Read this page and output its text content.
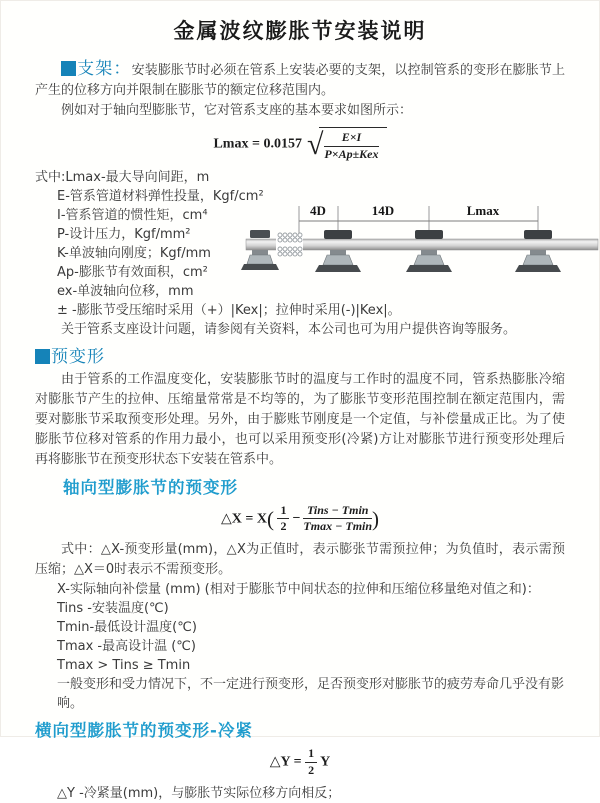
金属波纹膨胀节安装说明

支架：安装膨胀节时必须在管系上安装必要的支架，以控制管系的变形在膨胀节上产生的位移方向并限制在膨胀节的额定位移范围内。

例如对于轴向型膨胀节，它对管系支座的基本要求如图所示：

Lmax = 0.0157 √ $\frac{E\times I}{\text{P×Ap±Kex}}$
式中:Lmax-最大导向间距，m
E-管系管道材料弹性投量，Kgf/cm²
I-管系管道的惯性矩，cm⁴
P-设计压力，Kgf/mm²
K-单波轴向刚度；Kgf/mm
Ap-膨胀节有效面积，cm²
ex-单波轴向位移，mm
± -膨胀节受压缩时采用（+）|Kex|；拉伸时采用(-)|Kex|。
4D	14D	Lmax

关于管系支座设计问题，请参阅有关资料，本公司也可为用户提供咨询等服务。

预变形

由于管系的工作温度变化，安装膨胀节时的温度与工作时的温度不同，管系热膨胀冷缩对膨胀节产生的拉伸、压缩量常常是不均等的，为了膨胀节变形范围控制在额定范围内，需要对膨胀节采取预变形处理。另外，由于膨账节刚度是一个定值，与补偿量成正比。为了使膨胀节位移对管系的作用力最小，也可以采用预变形(冷紧)方让对膨胀节进行预变形处理后再将膨胀节在预变形状态下安装在管系中。

轴向型膨胀节的预变形
△X = $X( \frac{1}{2} - \frac{\text{Tins − Tmin}}{Tmax - Tmin}$ )

式中：△X-预变形量(mm)，△X为正值时，表示膨张节需预拉伸；为负值时，表示需预压缩；△X＝0时表示不需预变形。

X-实际轴向补偿量 (mm) (相对于膨胀节中间状态的拉伸和压缩位移量绝对值之和)：
Tins -安装温度(℃)
Tmin-最低设计温度(℃)
Tmax -最高设计温 (℃)
Tmax > Tins ≥ Tmin
一般变形和受力情况下，不一定进行预变形，足否预变形对膨胀节的疲劳寿命几乎没有影响。
横向型膨胀节的预变形-冷紧
△Y = $\frac{1}{2}$ Y
△Y -冷紧量(mm)，与膨胀节实际位移方向相反；
